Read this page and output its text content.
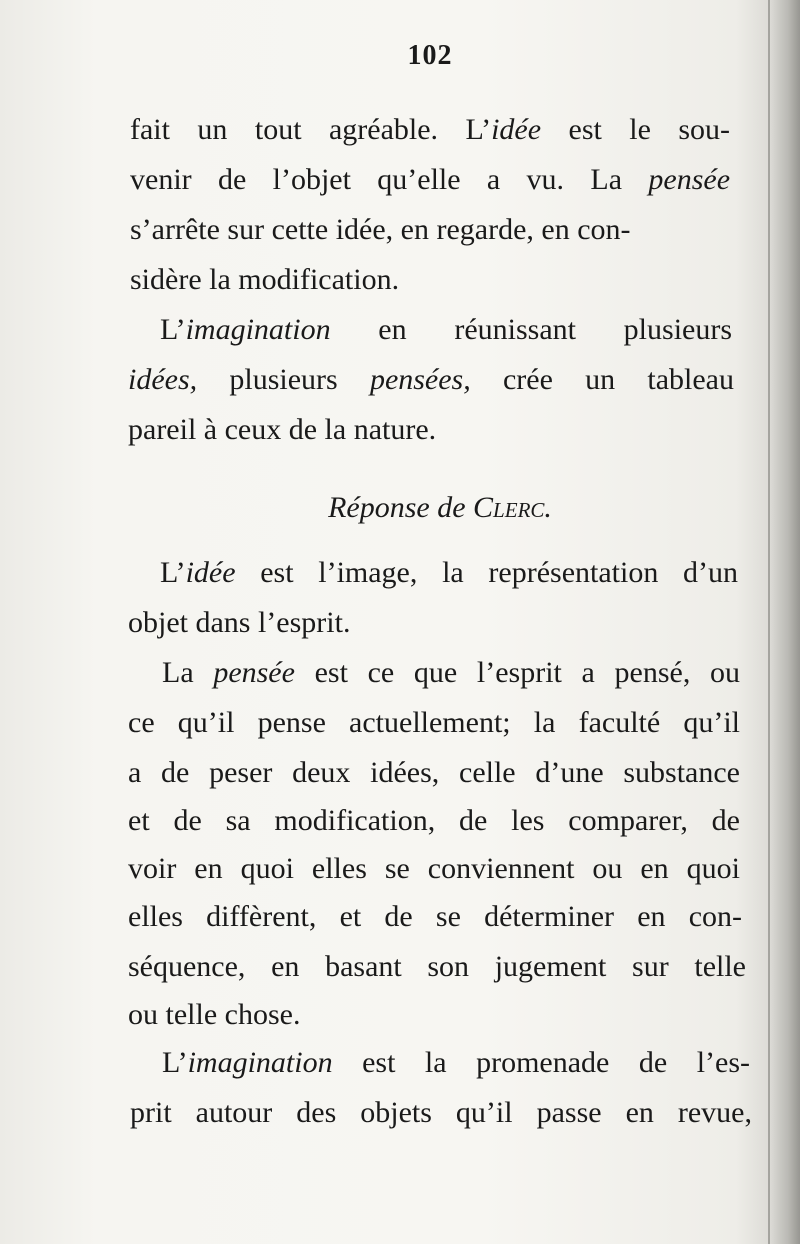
102
fait un tout agréable. L’idée est le sou-
venir de l’objet qu’elle a vu. La pensée
s’arrête sur cette idée, en regarde, en con-
sidère la modification.
L’imagination en réunissant plusieurs
idées, plusieurs pensées, crée un tableau
pareil à ceux de la nature.
Réponse de Clerc.
L’idée est l’image, la représentation d’un
objet dans l’esprit.
La pensée est ce que l’esprit a pensé, ou
ce qu’il pense actuellement; la faculté qu’il
a de peser deux idées, celle d’une substance
et de sa modification, de les comparer, de
voir en quoi elles se conviennent ou en quoi
elles diffèrent, et de se déterminer en con-
séquence, en basant son jugement sur telle
ou telle chose.
L’imagination est la promenade de l’es-
prit autour des objets qu’il passe en revue,
